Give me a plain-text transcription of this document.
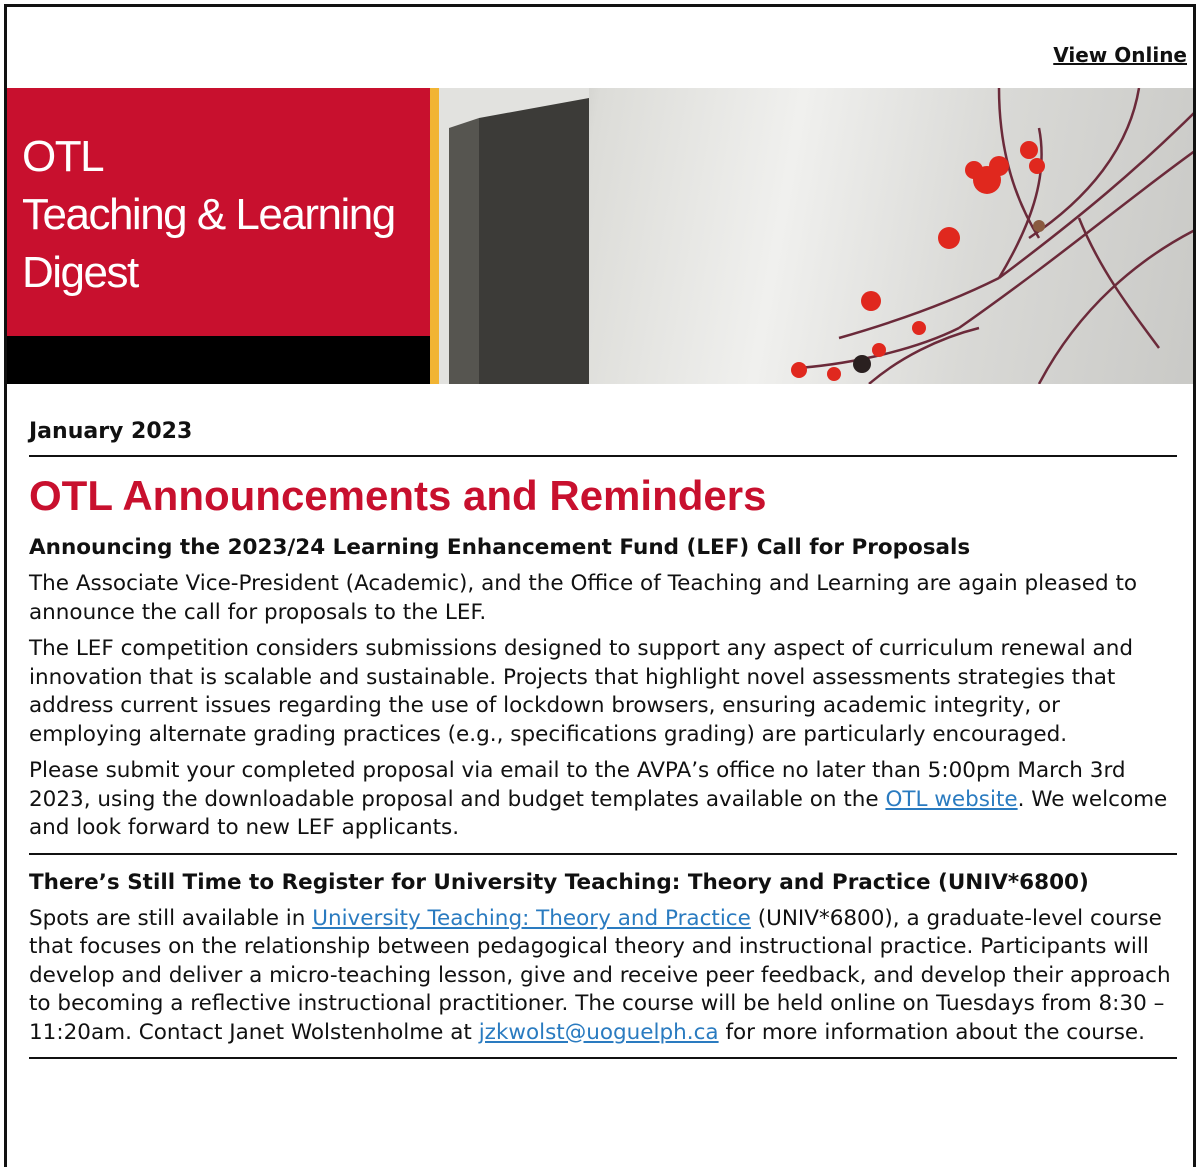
View Online
OTL
Teaching & Learning
Digest
January 2023
OTL Announcements and Reminders
Announcing the 2023/24 Learning Enhancement Fund (LEF) Call for Proposals

The Associate Vice-President (Academic), and the Office of Teaching and Learning are again pleased to announce the call for proposals to the LEF.

The LEF competition considers submissions designed to support any aspect of curriculum renewal and innovation that is scalable and sustainable. Projects that highlight novel assessments strategies that address current issues regarding the use of lockdown browsers, ensuring academic integrity, or employing alternate grading practices (e.g., specifications grading) are particularly encouraged.

Please submit your completed proposal via email to the AVPA’s office no later than 5:00pm March 3rd 2023, using the downloadable proposal and budget templates available on the OTL website. We welcome and look forward to new LEF applicants.

There’s Still Time to Register for University Teaching: Theory and Practice (UNIV*6800)

Spots are still available in University Teaching: Theory and Practice (UNIV*6800), a graduate-level course that focuses on the relationship between pedagogical theory and instructional practice. Participants will develop and deliver a micro-teaching lesson, give and receive peer feedback, and develop their approach to becoming a reflective instructional practitioner. The course will be held online on Tuesdays from 8:30 – 11:20am. Contact Janet Wolstenholme at jzkwolst@uoguelph.ca for more information about the course.
